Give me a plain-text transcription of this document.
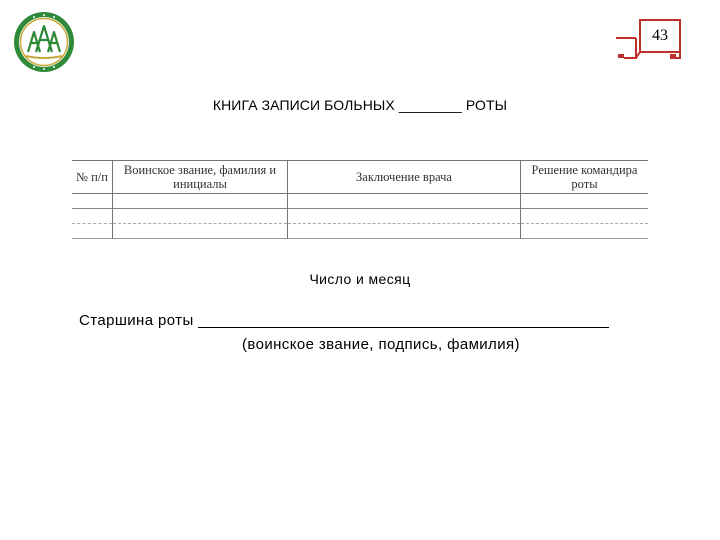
43
КНИГА ЗАПИСИ БОЛЬНЫХ ________ РОТЫ
№ п/п	Воинское звание, фамилия и инициалы	Заключение врача	Решение командира роты

Число и месяц
Старшина роты
(воинское звание, подпись, фамилия)
